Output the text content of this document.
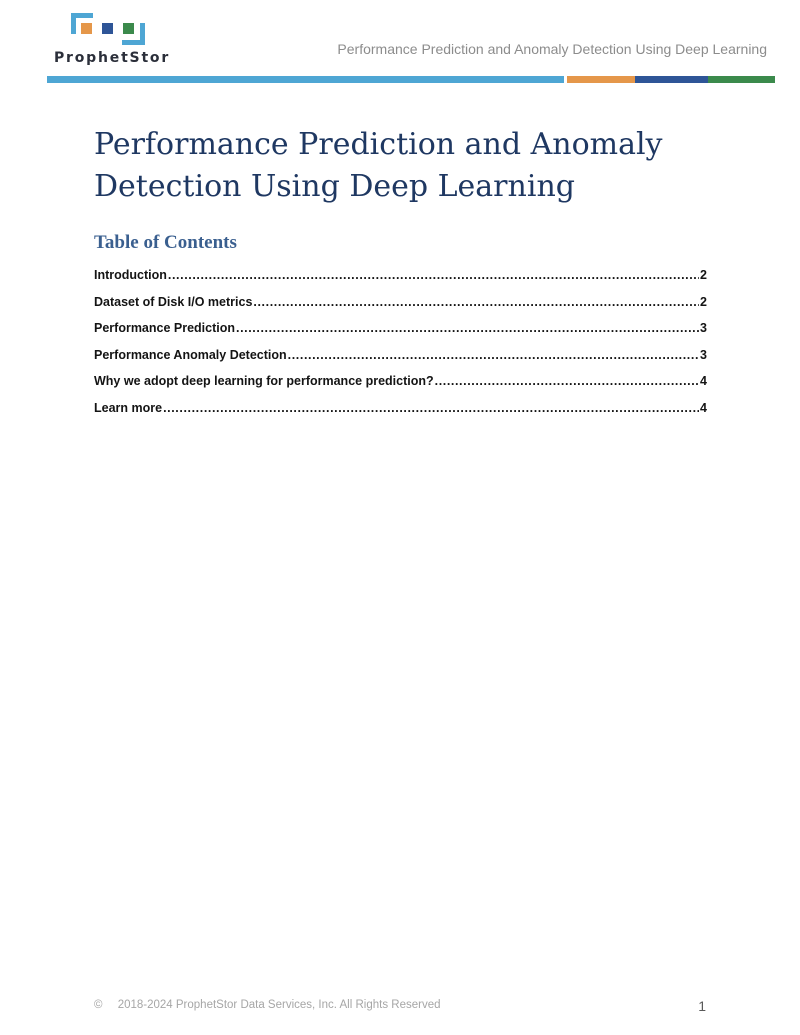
ProphetStor
Performance Prediction and Anomaly Detection Using Deep Learning
Performance Prediction and Anomaly Detection Using Deep Learning
Table of Contents
Introduction .....	2
Dataset of Disk I/O metrics .....	2
Performance Prediction .....	3
Performance Anomaly Detection .....	3
Why we adopt deep learning for performance prediction? .....	4
Learn more .....	4
© 2018-2024 ProphetStor Data Services, Inc. All Rights Reserved	1
